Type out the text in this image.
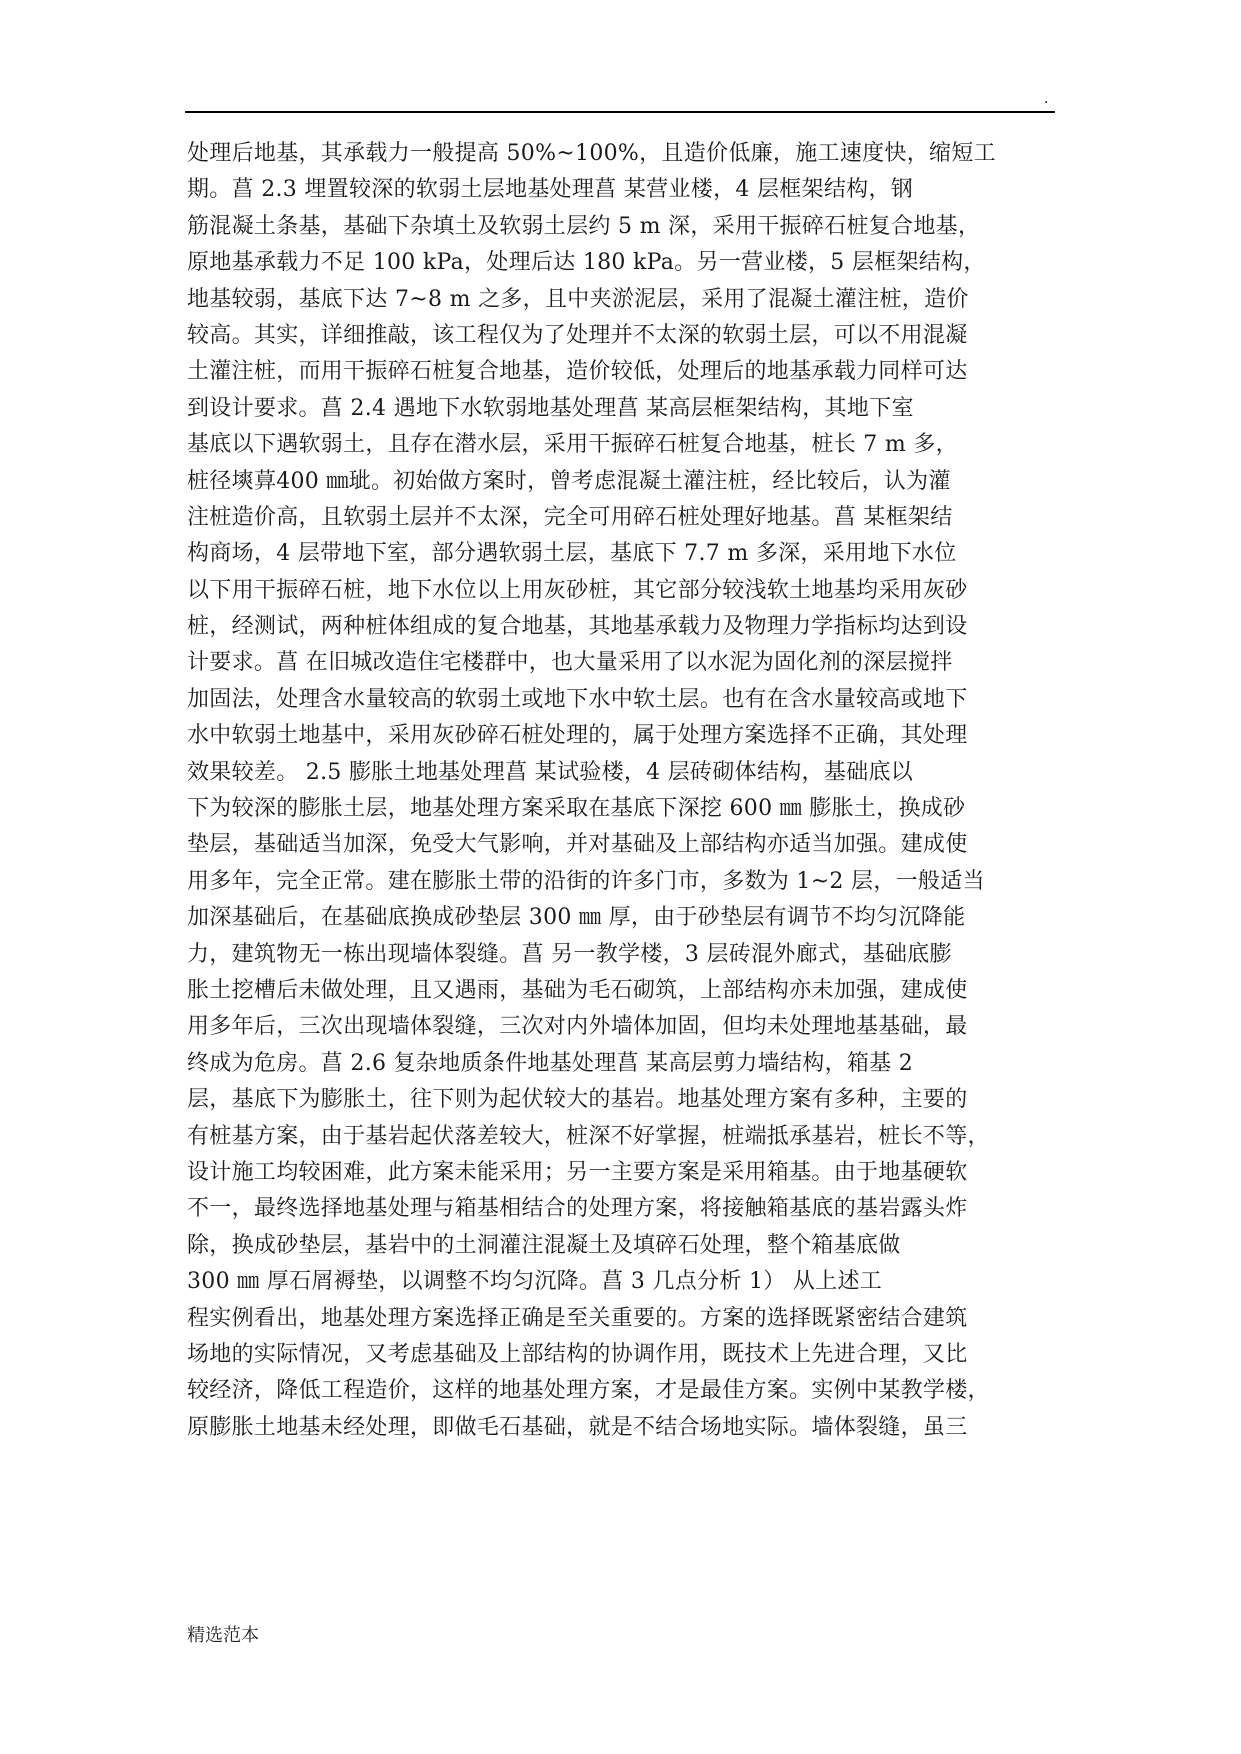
.
处理后地基，其承载力一般提高 50%~100%，且造价低廉，施工速度快，缩短工
期。菖 2.3 埋置较深的软弱土层地基处理菖 某营业楼，4 层框架结构，钢
筋混凝土条基，基础下杂填土及软弱土层约 5 m 深，采用干振碎石桩复合地基，
原地基承载力不足 100 kPa，处理后达 180 kPa。另一营业楼，5 层框架结构，
地基较弱，基底下达 7~8 m 之多，且中夹淤泥层，采用了混凝土灌注桩，造价
较高。其实，详细推敲，该工程仅为了处理并不太深的软弱土层，可以不用混凝
土灌注桩，而用干振碎石桩复合地基，造价较低，处理后的地基承载力同样可达
到设计要求。菖 2.4 遇地下水软弱地基处理菖 某高层框架结构，其地下室
基底以下遇软弱土，且存在潜水层，采用干振碎石桩复合地基，桩长 7 m 多，
桩径塽萛400 ㎜玼。初始做方案时，曾考虑混凝土灌注桩，经比较后，认为灌
注桩造价高，且软弱土层并不太深，完全可用碎石桩处理好地基。菖 某框架结
构商场，4 层带地下室，部分遇软弱土层，基底下 7.7 m 多深，采用地下水位
以下用干振碎石桩，地下水位以上用灰砂桩，其它部分较浅软土地基均采用灰砂
桩，经测试，两种桩体组成的复合地基，其地基承载力及物理力学指标均达到设
计要求。菖 在旧城改造住宅楼群中，也大量采用了以水泥为固化剂的深层搅拌
加固法，处理含水量较高的软弱土或地下水中软土层。也有在含水量较高或地下
水中软弱土地基中，采用灰砂碎石桩处理的，属于处理方案选择不正确，其处理
效果较差。 2.5 膨胀土地基处理菖 某试验楼，4 层砖砌体结构，基础底以
下为较深的膨胀土层，地基处理方案采取在基底下深挖 600 ㎜ 膨胀土，换成砂
垫层，基础适当加深，免受大气影响，并对基础及上部结构亦适当加强。建成使
用多年，完全正常。建在膨胀土带的沿街的许多门市，多数为 1~2 层，一般适当
加深基础后，在基础底换成砂垫层 300 ㎜ 厚，由于砂垫层有调节不均匀沉降能
力，建筑物无一栋出现墙体裂缝。菖 另一教学楼，3 层砖混外廊式，基础底膨
胀土挖槽后未做处理，且又遇雨，基础为毛石砌筑，上部结构亦未加强，建成使
用多年后，三次出现墙体裂缝，三次对内外墙体加固，但均未处理地基基础，最
终成为危房。菖 2.6 复杂地质条件地基处理菖 某高层剪力墙结构，箱基 2
层，基底下为膨胀土，往下则为起伏较大的基岩。地基处理方案有多种，主要的
有桩基方案，由于基岩起伏落差较大，桩深不好掌握，桩端抵承基岩，桩长不等，
设计施工均较困难，此方案未能采用；另一主要方案是采用箱基。由于地基硬软
不一，最终选择地基处理与箱基相结合的处理方案，将接触箱基底的基岩露头炸
除，换成砂垫层，基岩中的土洞灌注混凝土及填碎石处理，整个箱基底做
300 ㎜ 厚石屑褥垫，以调整不均匀沉降。菖 3 几点分析 1） 从上述工
程实例看出，地基处理方案选择正确是至关重要的。方案的选择既紧密结合建筑
场地的实际情况，又考虑基础及上部结构的协调作用，既技术上先进合理，又比
较经济，降低工程造价，这样的地基处理方案，才是最佳方案。实例中某教学楼，
原膨胀土地基未经处理，即做毛石基础，就是不结合场地实际。墙体裂缝，虽三
精选范本
